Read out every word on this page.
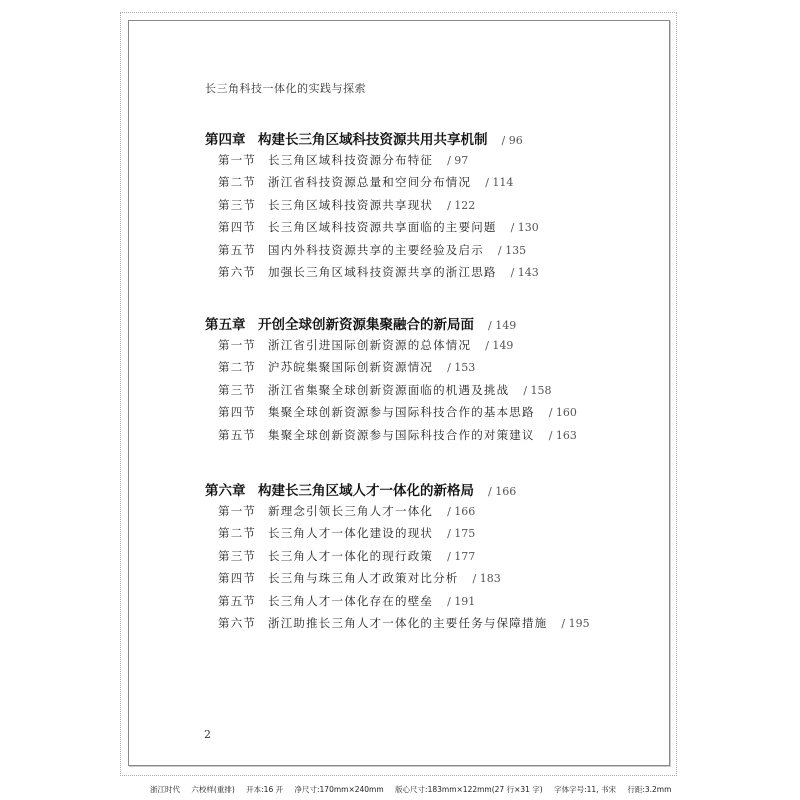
长三角科技一体化的实践与探索
第四章 构建长三角区域科技资源共用共享机制 / 96
第一节 长三角区域科技资源分布特征 / 97
第二节 浙江省科技资源总量和空间分布情况 / 114
第三节 长三角区域科技资源共享现状 / 122
第四节 长三角区域科技资源共享面临的主要问题 / 130
第五节 国内外科技资源共享的主要经验及启示 / 135
第六节 加强长三角区域科技资源共享的浙江思路 / 143
第五章 开创全球创新资源集聚融合的新局面 / 149
第一节 浙江省引进国际创新资源的总体情况 / 149
第二节 沪苏皖集聚国际创新资源情况 / 153
第三节 浙江省集聚全球创新资源面临的机遇及挑战 / 158
第四节 集聚全球创新资源参与国际科技合作的基本思路 / 160
第五节 集聚全球创新资源参与国际科技合作的对策建议 / 163
第六章 构建长三角区域人才一体化的新格局 / 166
第一节 新理念引领长三角人才一体化 / 166
第二节 长三角人才一体化建设的现状 / 175
第三节 长三角人才一体化的现行政策 / 177
第四节 长三角与珠三角人才政策对比分析 / 183
第五节 长三角人才一体化存在的壁垒 / 191
第六节 浙江助推长三角人才一体化的主要任务与保障措施 / 195
2
浙江时代 六校样(重排) 开本:16 开 净尺寸:170mm×240mm 版心尺寸:183mm×122mm(27 行×31 字) 字体字号:11, 书宋 行距:3.2mm
